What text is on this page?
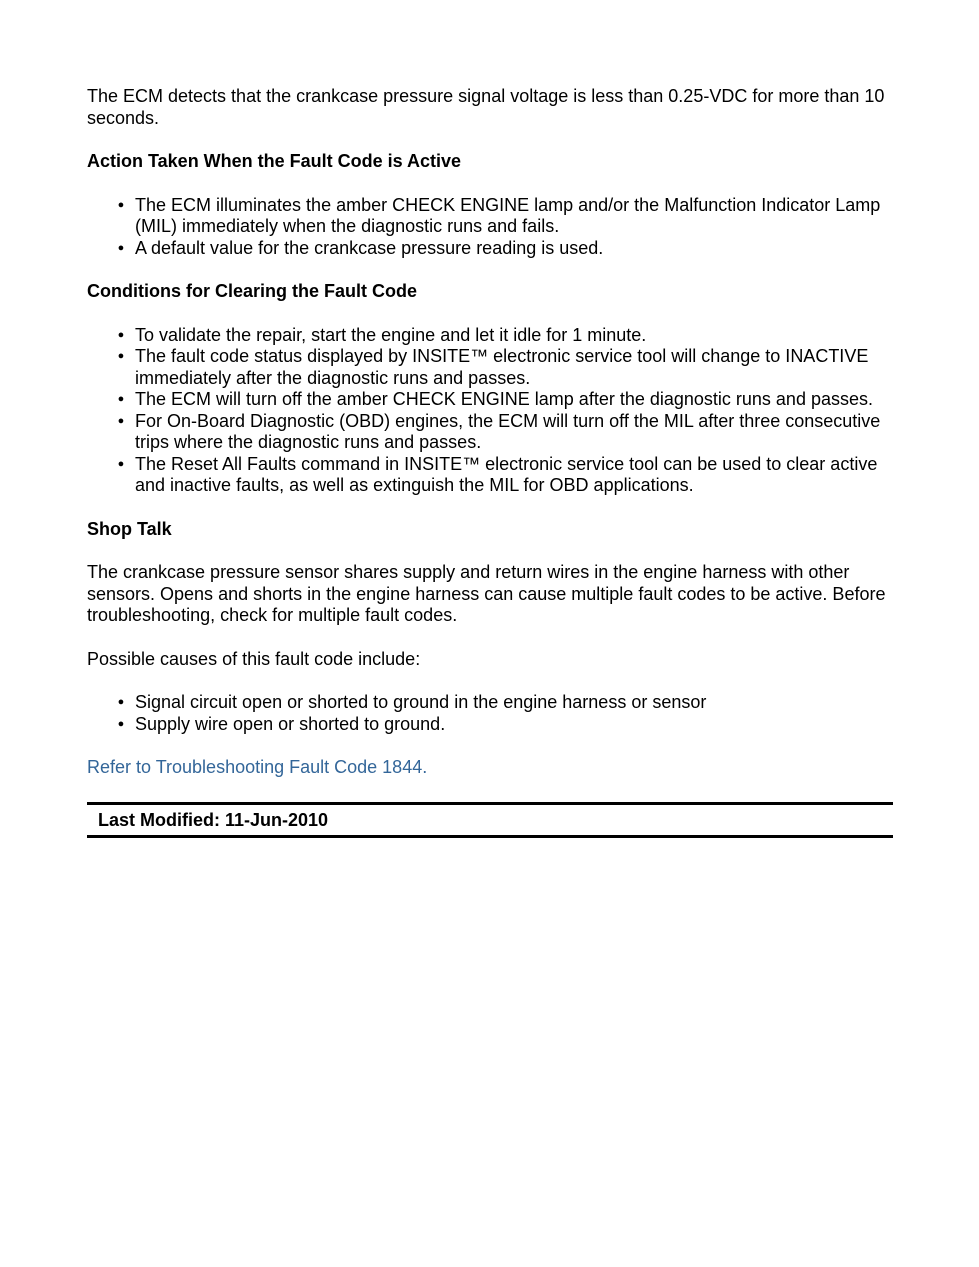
The ECM detects that the crankcase pressure signal voltage is less than 0.25-VDC for more than 10 seconds.

Action Taken When the Fault Code is Active
● The ECM illuminates the amber CHECK ENGINE lamp and/or the Malfunction Indicator Lamp (MIL) immediately when the diagnostic runs and fails.
● A default value for the crankcase pressure reading is used.
Conditions for Clearing the Fault Code
● To validate the repair, start the engine and let it idle for 1 minute.
● The fault code status displayed by INSITE™ electronic service tool will change to INACTIVE immediately after the diagnostic runs and passes.
● The ECM will turn off the amber CHECK ENGINE lamp after the diagnostic runs and passes.
● For On-Board Diagnostic (OBD) engines, the ECM will turn off the MIL after three consecutive trips where the diagnostic runs and passes.
● The Reset All Faults command in INSITE™ electronic service tool can be used to clear active and inactive faults, as well as extinguish the MIL for OBD applications.
Shop Talk

The crankcase pressure sensor shares supply and return wires in the engine harness with other sensors. Opens and shorts in the engine harness can cause multiple fault codes to be active. Before troubleshooting, check for multiple fault codes.

Possible causes of this fault code include:

● Signal circuit open or shorted to ground in the engine harness or sensor
● Supply wire open or shorted to ground.

Refer to Troubleshooting Fault Code 1844.

Last Modified: 11-Jun-2010
